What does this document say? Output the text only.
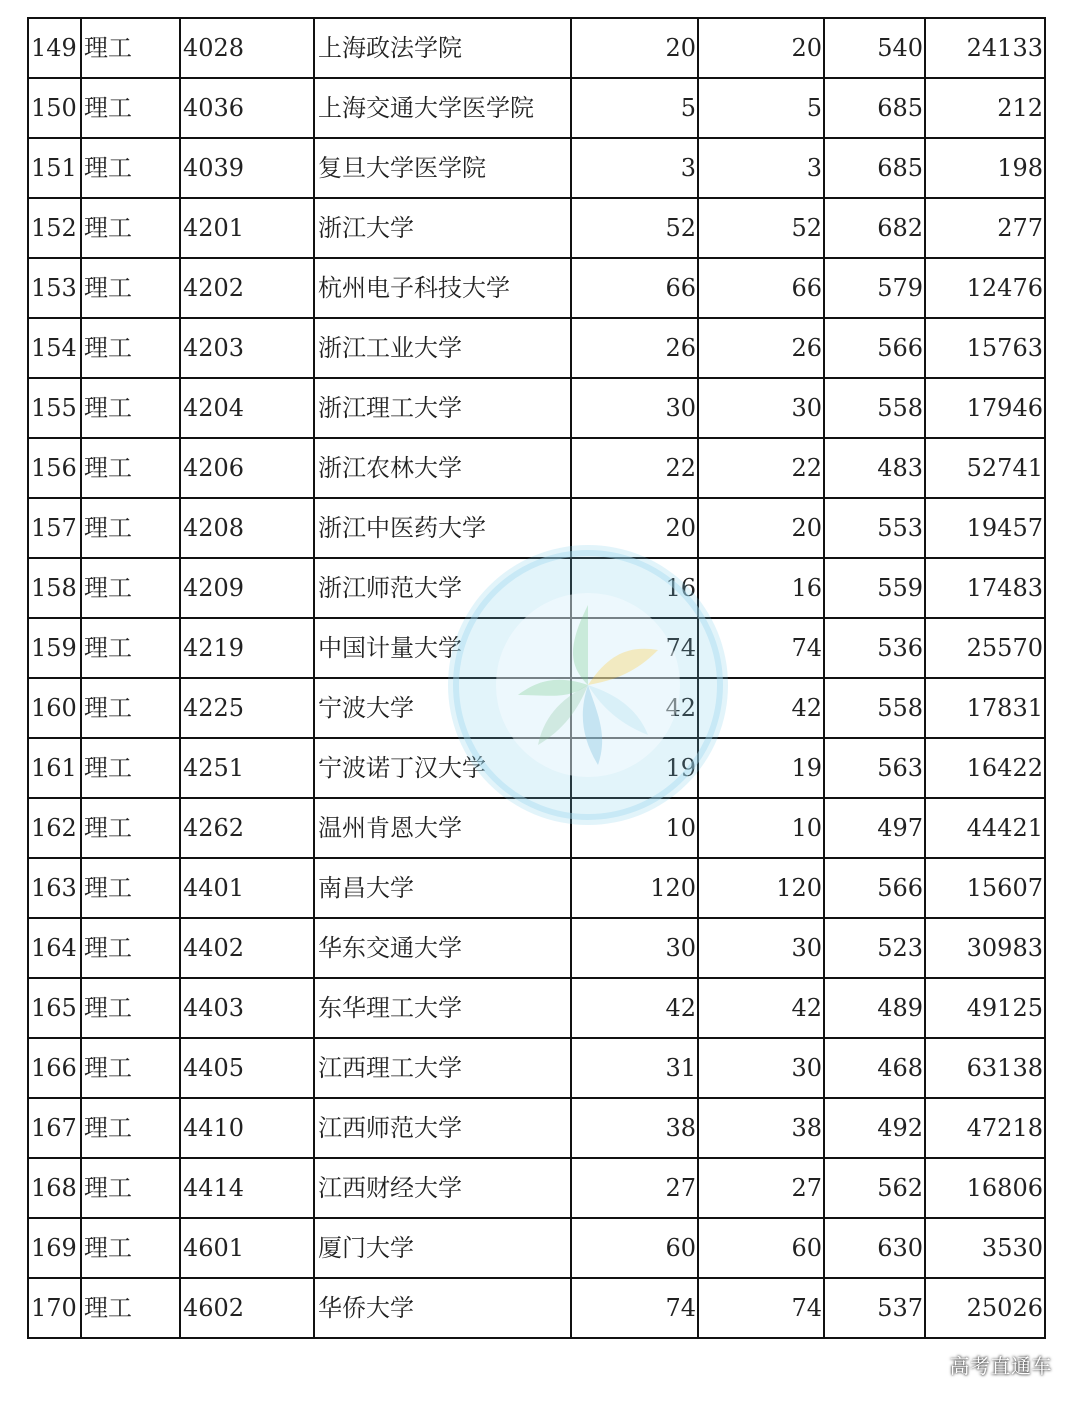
149	理工	4028	上海政法学院	20	20	540	24133
150	理工	4036	上海交通大学医学院	5	5	685	212
151	理工	4039	复旦大学医学院	3	3	685	198
152	理工	4201	浙江大学	52	52	682	277
153	理工	4202	杭州电子科技大学	66	66	579	12476
154	理工	4203	浙江工业大学	26	26	566	15763
155	理工	4204	浙江理工大学	30	30	558	17946
156	理工	4206	浙江农林大学	22	22	483	52741
157	理工	4208	浙江中医药大学	20	20	553	19457
158	理工	4209	浙江师范大学	16	16	559	17483
159	理工	4219	中国计量大学	74	74	536	25570
160	理工	4225	宁波大学	42	42	558	17831
161	理工	4251	宁波诺丁汉大学	19	19	563	16422
162	理工	4262	温州肯恩大学	10	10	497	44421
163	理工	4401	南昌大学	120	120	566	15607
164	理工	4402	华东交通大学	30	30	523	30983
165	理工	4403	东华理工大学	42	42	489	49125
166	理工	4405	江西理工大学	31	30	468	63138
167	理工	4410	江西师范大学	38	38	492	47218
168	理工	4414	江西财经大学	27	27	562	16806
169	理工	4601	厦门大学	60	60	630	3530
170	理工	4602	华侨大学	74	74	537	25026
高考直通车
